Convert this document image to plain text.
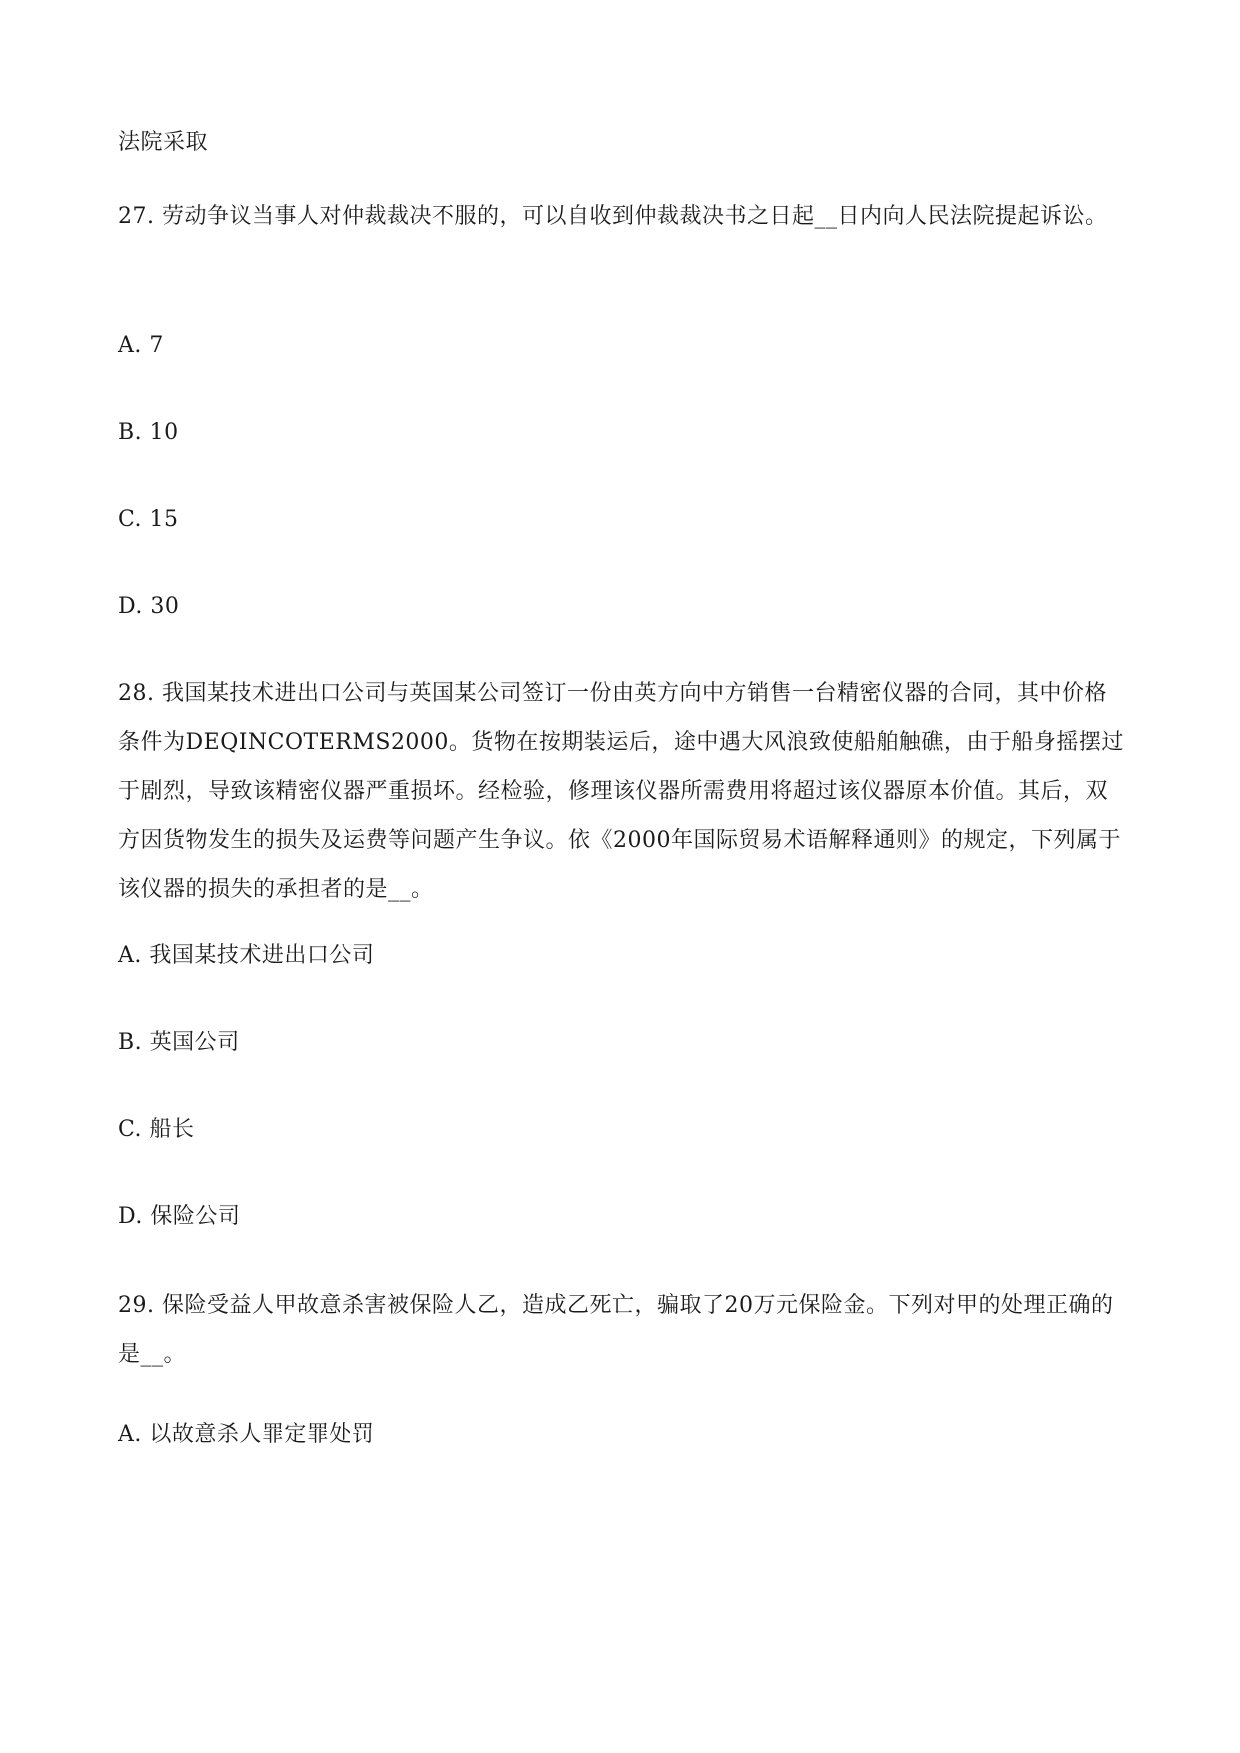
法院采取
27. 劳动争议当事人对仲裁裁决不服的，可以自收到仲裁裁决书之日起__日内向人民法院提起诉讼。
A. 7
B. 10
C. 15
D. 30
28. 我国某技术进出口公司与英国某公司签订一份由英方向中方销售一台精密仪器的合同，其中价格条件为DEQINCOTERMS2000。货物在按期装运后，途中遇大风浪致使船舶触礁，由于船身摇摆过于剧烈，导致该精密仪器严重损坏。经检验，修理该仪器所需费用将超过该仪器原本价值。其后，双方因货物发生的损失及运费等问题产生争议。依《2000年国际贸易术语解释通则》的规定，下列属于该仪器的损失的承担者的是__。
A. 我国某技术进出口公司
B. 英国公司
C. 船长
D. 保险公司
29. 保险受益人甲故意杀害被保险人乙，造成乙死亡，骗取了20万元保险金。下列对甲的处理正确的是__。
A. 以故意杀人罪定罪处罚
